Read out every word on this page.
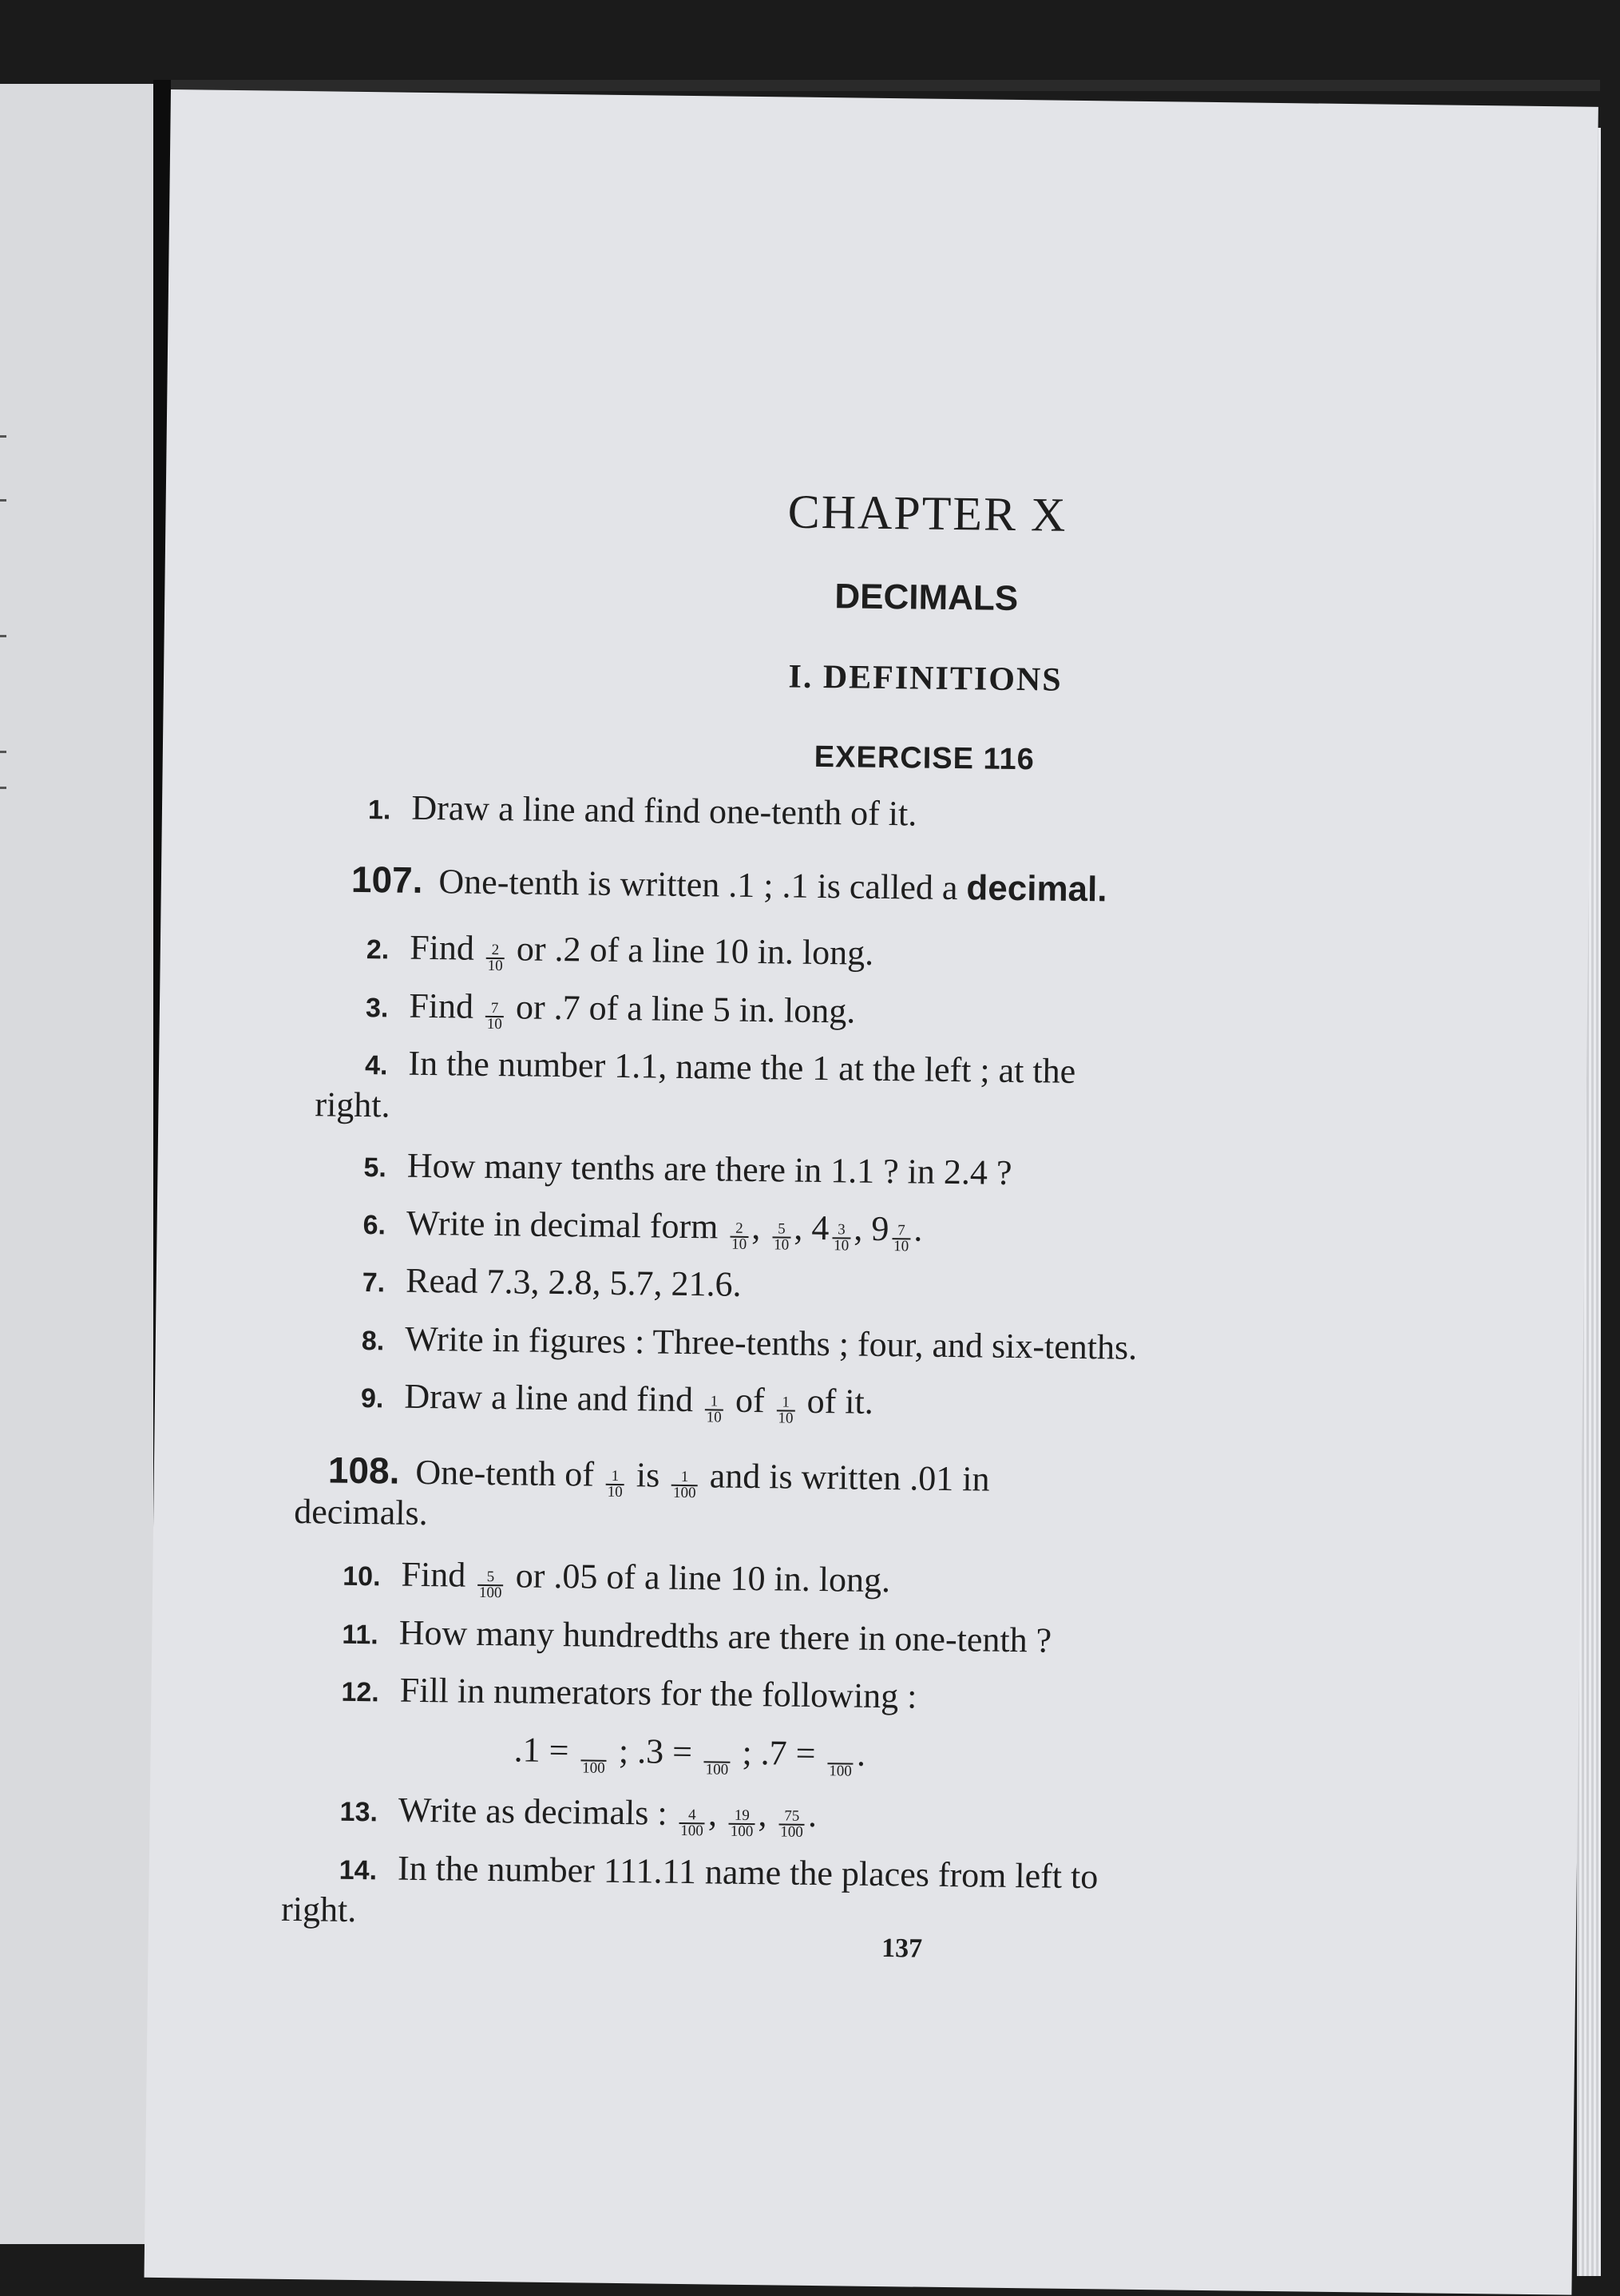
CHAPTER X
DECIMALS
I. DEFINITIONS
EXERCISE 116

1. Draw a line and find one-tenth of it.

107. One-tenth is written .1 ; .1 is called a decimal.

2. Find $\frac{2}{10}$ or .2 of a line 10 in. long.

3. Find $\frac{7}{10}$ or .7 of a line 5 in. long.

4. In the number 1.1, name the 1 at the left ; at the

right.

5. How many tenths are there in 1.1 ? in 2.4 ?

6. Write in decimal form $\frac{2}{10}$ , $\frac{5}{10}$ , $4 \frac{3}{10}$ , $9 \frac{7}{10}$ .

7. Read 7.3, 2.8, 5.7, 21.6.

8. Write in figures : Three-tenths ; four, and six-tenths.

9. Draw a line and find $\frac{1}{10}$ of $\frac{1}{10}$ of it.

108. One-tenth of $\frac{1}{10}$ is $\frac{1}{100}$ and is written .01 in

decimals.

10. Find $\frac{5}{100}$ or .05 of a line 10 in. long.

11. How many hundredths are there in one-tenth ?

12. Fill in numerators for the following :

.1 = 100 ; .3 = 100 ; .7 = 100 .

13. Write as decimals : $\frac{4}{100}$ , $\frac{19}{100}$ , $\frac{75}{100}$ .

14. In the number 111.11 name the places from left to

right.

137
